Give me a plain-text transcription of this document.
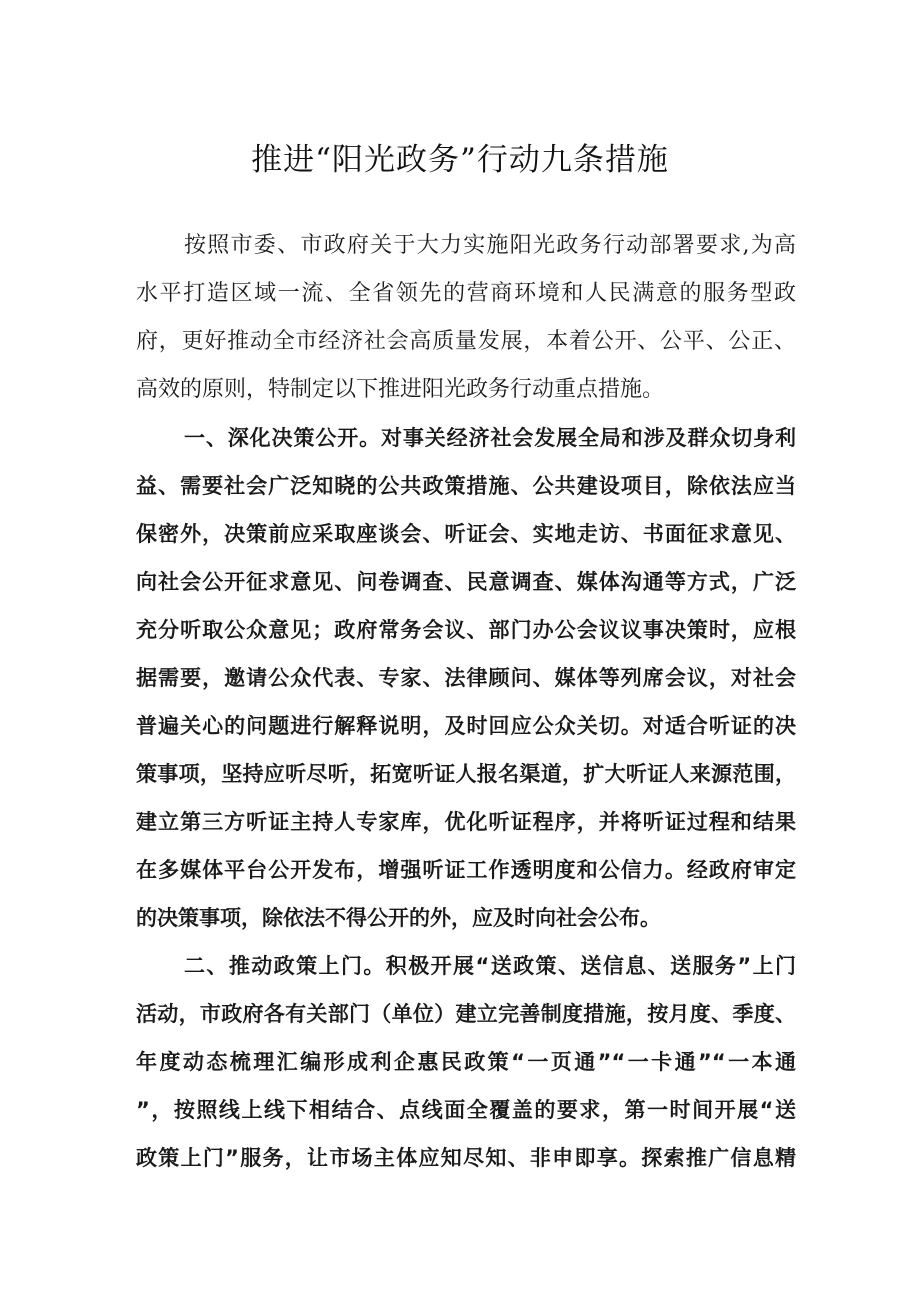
推进“阳光政务”行动九条措施
按照市委、市政府关于大力实施阳光政务行动部署要求,为高
水平打造区域一流、全省领先的营商环境和人民满意的服务型政
府，更好推动全市经济社会高质量发展，本着公开、公平、公正、
高效的原则，特制定以下推进阳光政务行动重点措施。
一、深化决策公开。对事关经济社会发展全局和涉及群众切身利
益、需要社会广泛知晓的公共政策措施、公共建设项目，除依法应当
保密外，决策前应采取座谈会、听证会、实地走访、书面征求意见、
向社会公开征求意见、问卷调查、民意调查、媒体沟通等方式，广泛
充分听取公众意见；政府常务会议、部门办公会议议事决策时，应根
据需要，邀请公众代表、专家、法律顾问、媒体等列席会议，对社会
普遍关心的问题进行解释说明，及时回应公众关切。对适合听证的决
策事项，坚持应听尽听，拓宽听证人报名渠道，扩大听证人来源范围，
建立第三方听证主持人专家库，优化听证程序，并将听证过程和结果
在多媒体平台公开发布，增强听证工作透明度和公信力。经政府审定
的决策事项，除依法不得公开的外，应及时向社会公布。
二、推动政策上门。积极开展“送政策、送信息、送服务”上门
活动，市政府各有关部门（单位）建立完善制度措施，按月度、季度、
年度动态梳理汇编形成利企惠民政策“一页通”“一卡通”“一本通
”，按照线上线下相结合、点线面全覆盖的要求，第一时间开展“送
政策上门”服务，让市场主体应知尽知、非申即享。探索推广信息精
